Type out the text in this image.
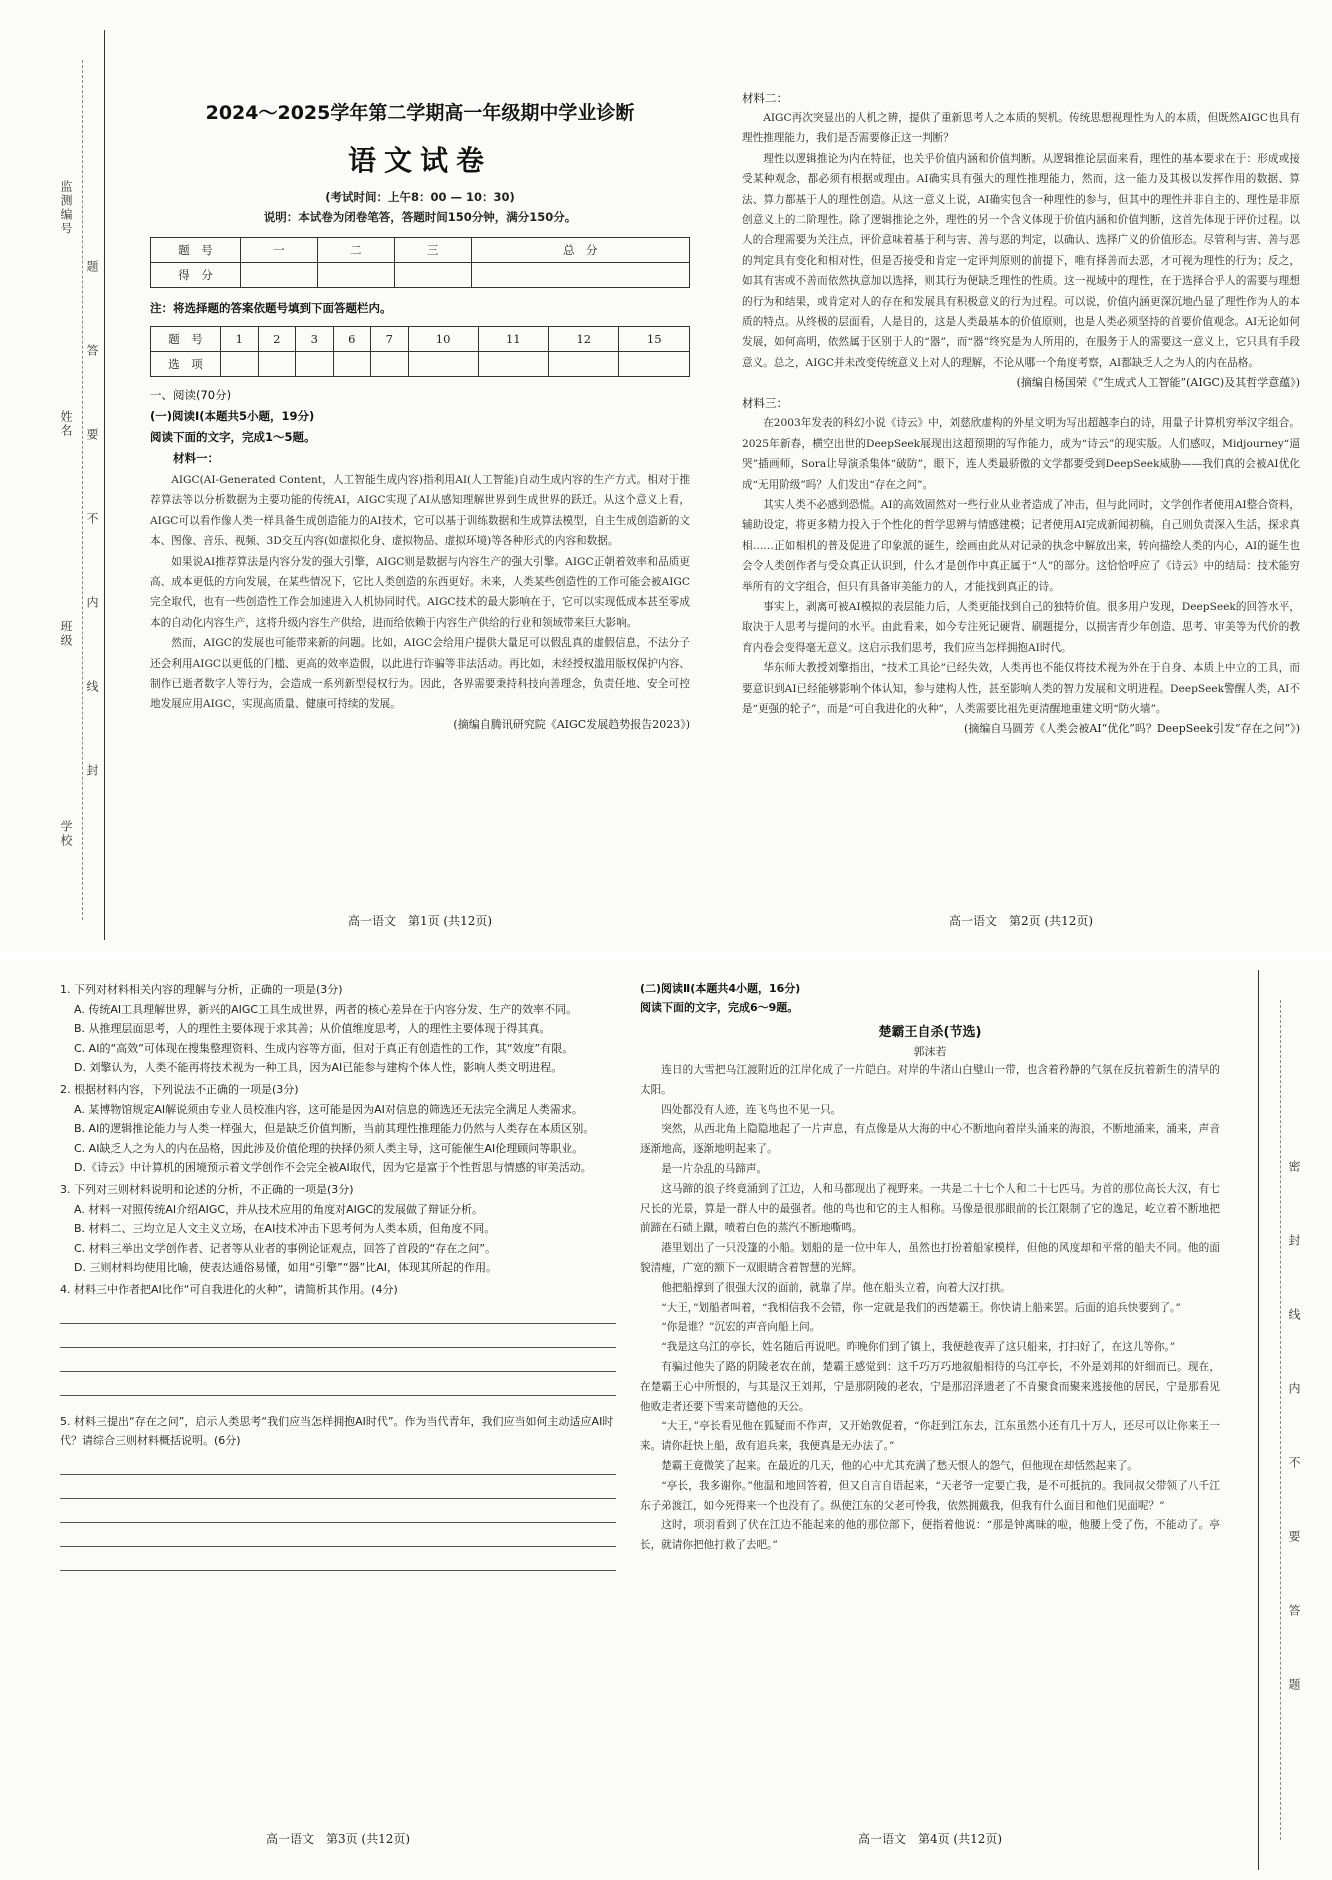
学校
班级
姓名
监测编号
题
答
要
不
内
线
封
2024～2025学年第二学期高一年级期中学业诊断
语文试卷
(考试时间：上午8：00 — 10：30)
说明：本试卷为闭卷笔答，答题时间150分钟，满分150分。
题　号	一	二	三	总　分
得　分				
注：将选择题的答案依题号填到下面答题栏内。
题　号	1	2	3	6	7	10	11	12	15
选　项									
一、阅读(70分)
(一)阅读Ⅰ(本题共5小题，19分)
阅读下面的文字，完成1～5题。
材料一：
AIGC(AI-Generated Content，人工智能生成内容)指利用AI(人工智能)自动生成内容的生产方式。相对于推荐算法等以分析数据为主要功能的传统AI，AIGC实现了AI从感知理解世界到生成世界的跃迁。从这个意义上看，AIGC可以看作像人类一样具备生成创造能力的AI技术，它可以基于训练数据和生成算法模型，自主生成创造新的文本、图像、音乐、视频、3D交互内容(如虚拟化身、虚拟物品、虚拟环境)等各种形式的内容和数据。
如果说AI推荐算法是内容分发的强大引擎，AIGC则是数据与内容生产的强大引擎。AIGC正朝着效率和品质更高、成本更低的方向发展，在某些情况下，它比人类创造的东西更好。未来，人类某些创造性的工作可能会被AIGC完全取代，也有一些创造性工作会加速进入人机协同时代。AIGC技术的最大影响在于，它可以实现低成本甚至零成本的自动化内容生产，这将升级内容生产供给，进而给依赖于内容生产供给的行业和领域带来巨大影响。
然而，AIGC的发展也可能带来新的问题。比如，AIGC会给用户提供大量足可以假乱真的虚假信息，不法分子还会利用AIGC以更低的门槛、更高的效率造假，以此进行诈骗等非法活动。再比如，未经授权滥用版权保护内容、制作已逝者数字人等行为，会造成一系列新型侵权行为。因此，各界需要秉持科技向善理念，负责任地、安全可控地发展应用AIGC，实现高质量、健康可持续的发展。
(摘编自腾讯研究院《AIGC发展趋势报告2023》)
高一语文　第1页 (共12页)
材料二：
AIGC再次突显出的人机之辨，提供了重新思考人之本质的契机。传统思想视理性为人的本质，但既然AIGC也具有理性推理能力，我们是否需要修正这一判断？
理性以逻辑推论为内在特征，也关乎价值内涵和价值判断。从逻辑推论层面来看，理性的基本要求在于：形成或接受某种观念，都必须有根据或理由。AI确实具有强大的理性推理能力，然而，这一能力及其极以发挥作用的数据、算法、算力都基于人的理性创造。从这一意义上说，AI确实包含一种理性的参与，但其中的理性并非自主的、理性是非原创意义上的二阶理性。除了逻辑推论之外，理性的另一个含义体现于价值内涵和价值判断，这首先体现于评价过程。以人的合理需要为关注点，评价意味着基于利与害、善与恶的判定，以确认、选择广义的价值形态。尽管利与害、善与恶的判定具有变化和相对性，但是否接受和肯定一定评判原则的前提下，唯有择善而去恶，才可视为理性的行为；反之，如其有害或不善而依然执意加以选择，则其行为便缺乏理性的性质。这一视域中的理性，在于选择合乎人的需要与理想的行为和结果，或肯定对人的存在和发展具有积极意义的行为过程。可以说，价值内涵更深沉地凸显了理性作为人的本质的特点。从终极的层面看，人是目的，这是人类最基本的价值原则，也是人类必须坚持的首要价值观念。AI无论如何发展，如何高明，依然属于区别于人的“器”，而“器”终究是为人所用的，在服务于人的需要这一意义上，它只具有手段意义。总之，AIGC并未改变传统意义上对人的理解，不论从哪一个角度考察，AI都缺乏人之为人的内在品格。
(摘编自杨国荣《“生成式人工智能”(AIGC)及其哲学意蕴》)
材料三：
在2003年发表的科幻小说《诗云》中，刘慈欣虚构的外星文明为写出超越李白的诗，用量子计算机穷举汉字组合。2025年新春，横空出世的DeepSeek展现出这超预期的写作能力，成为“诗云”的现实版。人们感叹，Midjourney“逼哭”插画师，Sora让导演杀集体“破防”，眼下，连人类最骄傲的文学都要受到DeepSeek威胁——我们真的会被AI优化成“无用阶级”吗？人们发出“存在之问”。
其实人类不必感到恐慌。AI的高效固然对一些行业从业者造成了冲击，但与此同时，文学创作者使用AI整合资料，辅助设定，将更多精力投入于个性化的哲学思辨与情感建模；记者使用AI完成新闻初稿，自己则负责深入生活，探求真相……正如相机的普及促进了印象派的诞生，绘画由此从对记录的执念中解放出来，转向描绘人类的内心，AI的诞生也会令人类创作者与受众真正认识到，什么才是创作中真正属于“人”的部分。这恰恰呼应了《诗云》中的结局：技术能穷举所有的文字组合，但只有具备审美能力的人，才能找到真正的诗。
事实上，剥离可被AI模拟的表层能力后，人类更能找到自己的独特价值。很多用户发现，DeepSeek的回答水平，取决于人思考与提问的水平。由此看来，如今专注死记硬背、刷题提分，以损害青少年创造、思考、审美等为代价的教育内卷会变得毫无意义。这启示我们思考，我们应当怎样拥抱AI时代。
华东师大教授刘擎指出，“技术工具论”已经失效，人类再也不能仅将技术视为外在于自身、本质上中立的工具，而要意识到AI已经能够影响个体认知，参与建构人性，甚至影响人类的智力发展和文明进程。DeepSeek警醒人类，AI不是“更强的轮子”，而是“可自我进化的火种”，人类需要比祖先更清醒地重建文明“防火墙”。
(摘编自马圆芳《人类会被AI“优化”吗？DeepSeek引发“存在之问”》)
高一语文　第2页 (共12页)
1. 下列对材料相关内容的理解与分析，正确的一项是(3分)
A. 传统AI工具理解世界，新兴的AIGC工具生成世界，两者的核心差异在于内容分发、生产的效率不同。
B. 从推理层面思考，人的理性主要体现于求其善；从价值维度思考，人的理性主要体现于得其真。
C. AI的“高效”可体现在搜集整理资料、生成内容等方面，但对于真正有创造性的工作，其“效度”有限。
D. 刘擎认为，人类不能再将技术视为一种工具，因为AI已能参与建构个体人性，影响人类文明进程。
2. 根据材料内容，下列说法不正确的一项是(3分)
A. 某博物馆规定AI解说须由专业人员校准内容，这可能是因为AI对信息的筛选还无法完全满足人类需求。
B. AI的逻辑推论能力与人类一样强大，但是缺乏价值判断，当前其理性推理能力仍然与人类存在本质区别。
C. AI缺乏人之为人的内在品格，因此涉及价值伦理的抉择仍须人类主导，这可能催生AI伦理顾问等职业。
D.《诗云》中计算机的困境预示着文学创作不会完全被AI取代，因为它是富于个性哲思与情感的审美活动。
3. 下列对三则材料说明和论述的分析，不正确的一项是(3分)
A. 材料一对照传统AI介绍AIGC，并从技术应用的角度对AIGC的发展做了辩证分析。
B. 材料二、三均立足人文主义立场，在AI技术冲击下思考何为人类本质，但角度不同。
C. 材料三举出文学创作者、记者等从业者的事例论证观点，回答了首段的“存在之问”。
D. 三则材料均使用比喻，使表达通俗易懂，如用“引擎”“器”比AI，体现其所起的作用。
4. 材料三中作者把AI比作“可自我进化的火种”，请简析其作用。(4分)
5. 材料三提出“存在之问”，启示人类思考“我们应当怎样拥抱AI时代”。作为当代青年，我们应当如何主动适应AI时代？请综合三则材料概括说明。(6分)
高一语文　第3页 (共12页)
(二)阅读Ⅱ(本题共4小题，16分)
阅读下面的文字，完成6～9题。
楚霸王自杀(节选)
郭沫若
连日的大雪把乌江渡附近的江岸化成了一片皑白。对岸的牛渚山白璧山一带，也含着矜静的气氛在反抗着新生的清早的太阳。
四处都没有人迹，连飞鸟也不见一只。
突然，从西北角上隐隐地起了一片声息，有点像是从大海的中心不断地向着岸头涌来的海浪，不断地涌来，涌来，声音逐渐地高，逐渐地明起来了。
是一片杂乱的马蹄声。
这马蹄的浪子终竟涌到了江边，人和马都现出了视野来。一共是二十七个人和二十七匹马。为首的那位高长大汉，有七尺长的光景，算是一群人中的最强者。他的鸟也和它的主人相称。马像是很那眼前的长江限制了它的逸足，屹立着不断地把前蹄在石碛上蹴，喷着白色的蒸汽不断地嘶鸣。
港里划出了一只没篷的小船。划船的是一位中年人，虽然也打扮着船家模样，但他的风度却和平常的船夫不同。他的面貌清瘦，广宽的额下一双眼睛含着智慧的光辉。
他把船撑到了很强大汉的面前，就靠了岸。他在船头立着，向着大汉打拱。
“大王，”划船者叫着，“我相信我不会错，你一定就是我们的西楚霸王。你快请上船来罢。后面的追兵快要到了。”
“你是谁？”沉宏的声音向船上问。
“我是这乌江的亭长，姓名随后再说吧。昨晚你们到了镇上，我便趁夜弄了这只船来，打扫好了，在这儿等你。”
有骗过他失了路的阴陵老农在前，楚霸王感觉到：这千巧万巧地叙船相待的乌江亭长，不外是刘邦的奸细而已。现在，在楚霸王心中所恨的，与其是汉王刘邦，宁是那阴陵的老农，宁是那沼泽遗老了不肯聚食而聚来逃接他的居民，宁是那看见他败走者还要下雪来苛德他的天公。
“大王，”亭长看见他在狐疑而不作声，又开始敦促着，“你赶到江东去，江东虽然小还有几十万人，还尽可以让你来王一来。请你赶快上船，敌有追兵来，我便真是无办法了。”
楚霸王竟微笑了起来。在最近的几天，他的心中尤其充满了愁天恨人的怨气，但他现在却恬然起来了。
“亭长，我多谢你。”他温和地回答着，但又自言自语起来，“天老爷一定要亡我，是不可抵抗的。我同叔父带领了八千江东子弟渡江，如今死得来一个也没有了。纵使江东的父老可怜我，依然拥戴我，但我有什么面目和他们见面呢？”
这时，项羽看到了伏在江边不能起来的他的那位部下，便指着他说：“那是钟离昧的啦，他腰上受了伤，不能动了。亭长，就请你把他打救了去吧。”
高一语文　第4页 (共12页)
密
封
线
内
不
要
答
题
